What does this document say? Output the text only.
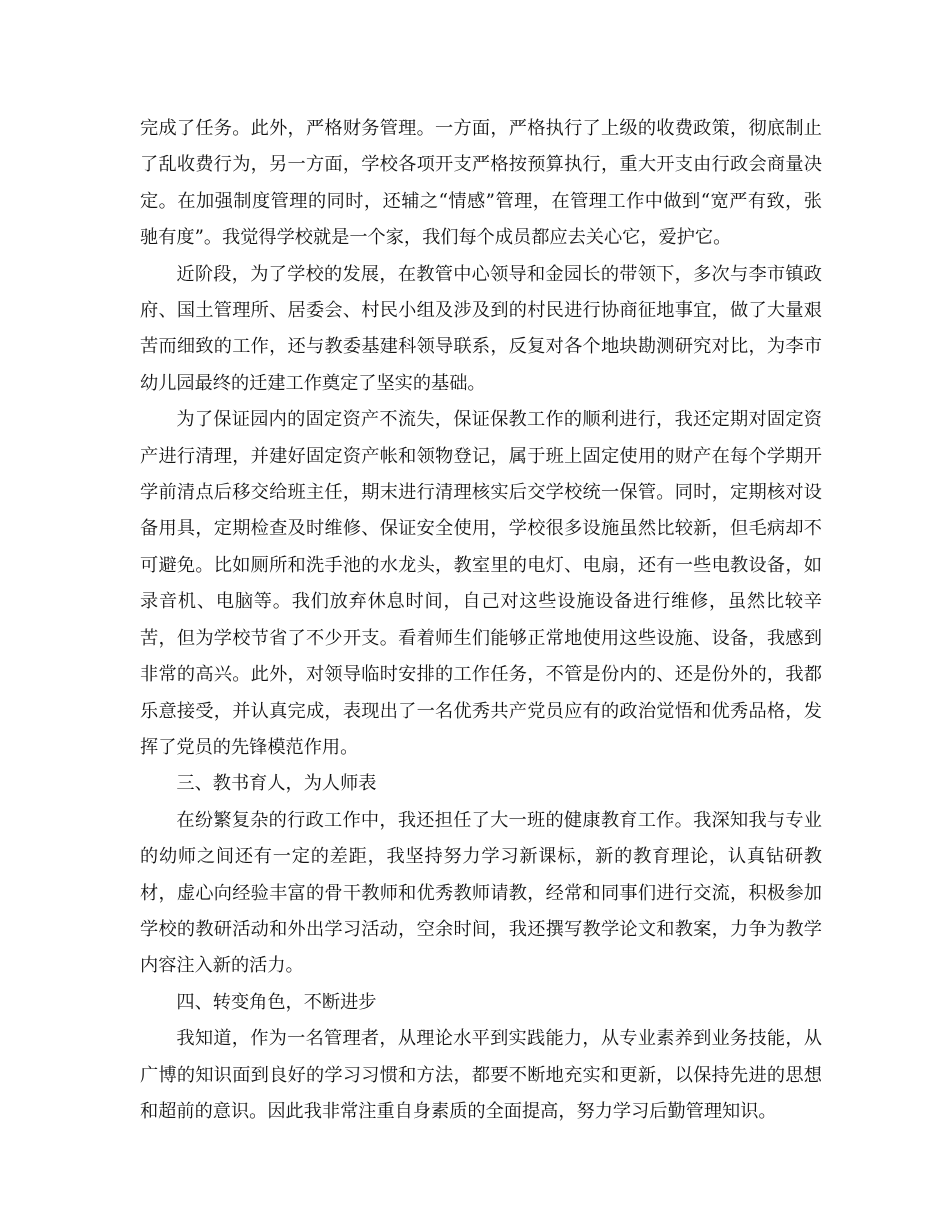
完成了任务。此外，严格财务管理。一方面，严格执行了上级的收费政策，彻底制止了乱收费行为，另一方面，学校各项开支严格按预算执行，重大开支由行政会商量决定。在加强制度管理的同时，还辅之“情感”管理，在管理工作中做到“宽严有致，张驰有度”。我觉得学校就是一个家，我们每个成员都应去关心它，爱护它。

近阶段，为了学校的发展，在教管中心领导和金园长的带领下，多次与李市镇政府、国土管理所、居委会、村民小组及涉及到的村民进行协商征地事宜，做了大量艰苦而细致的工作，还与教委基建科领导联系，反复对各个地块勘测研究对比，为李市幼儿园最终的迁建工作奠定了坚实的基础。

为了保证园内的固定资产不流失，保证保教工作的顺利进行，我还定期对固定资产进行清理，并建好固定资产帐和领物登记，属于班上固定使用的财产在每个学期开学前清点后移交给班主任，期末进行清理核实后交学校统一保管。同时，定期核对设备用具，定期检查及时维修、保证安全使用，学校很多设施虽然比较新，但毛病却不可避免。比如厕所和洗手池的水龙头，教室里的电灯、电扇，还有一些电教设备，如录音机、电脑等。我们放弃休息时间，自己对这些设施设备进行维修，虽然比较辛苦，但为学校节省了不少开支。看着师生们能够正常地使用这些设施、设备，我感到非常的高兴。此外，对领导临时安排的工作任务，不管是份内的、还是份外的，我都乐意接受，并认真完成，表现出了一名优秀共产党员应有的政治觉悟和优秀品格，发挥了党员的先锋模范作用。

三、教书育人，为人师表

在纷繁复杂的行政工作中，我还担任了大一班的健康教育工作。我深知我与专业的幼师之间还有一定的差距，我坚持努力学习新课标，新的教育理论，认真钻研教材，虚心向经验丰富的骨干教师和优秀教师请教，经常和同事们进行交流，积极参加学校的教研活动和外出学习活动，空余时间，我还撰写教学论文和教案，力争为教学内容注入新的活力。

四、转变角色，不断进步

我知道，作为一名管理者，从理论水平到实践能力，从专业素养到业务技能，从广博的知识面到良好的学习习惯和方法，都要不断地充实和更新，以保持先进的思想和超前的意识。因此我非常注重自身素质的全面提高，努力学习后勤管理知识。
